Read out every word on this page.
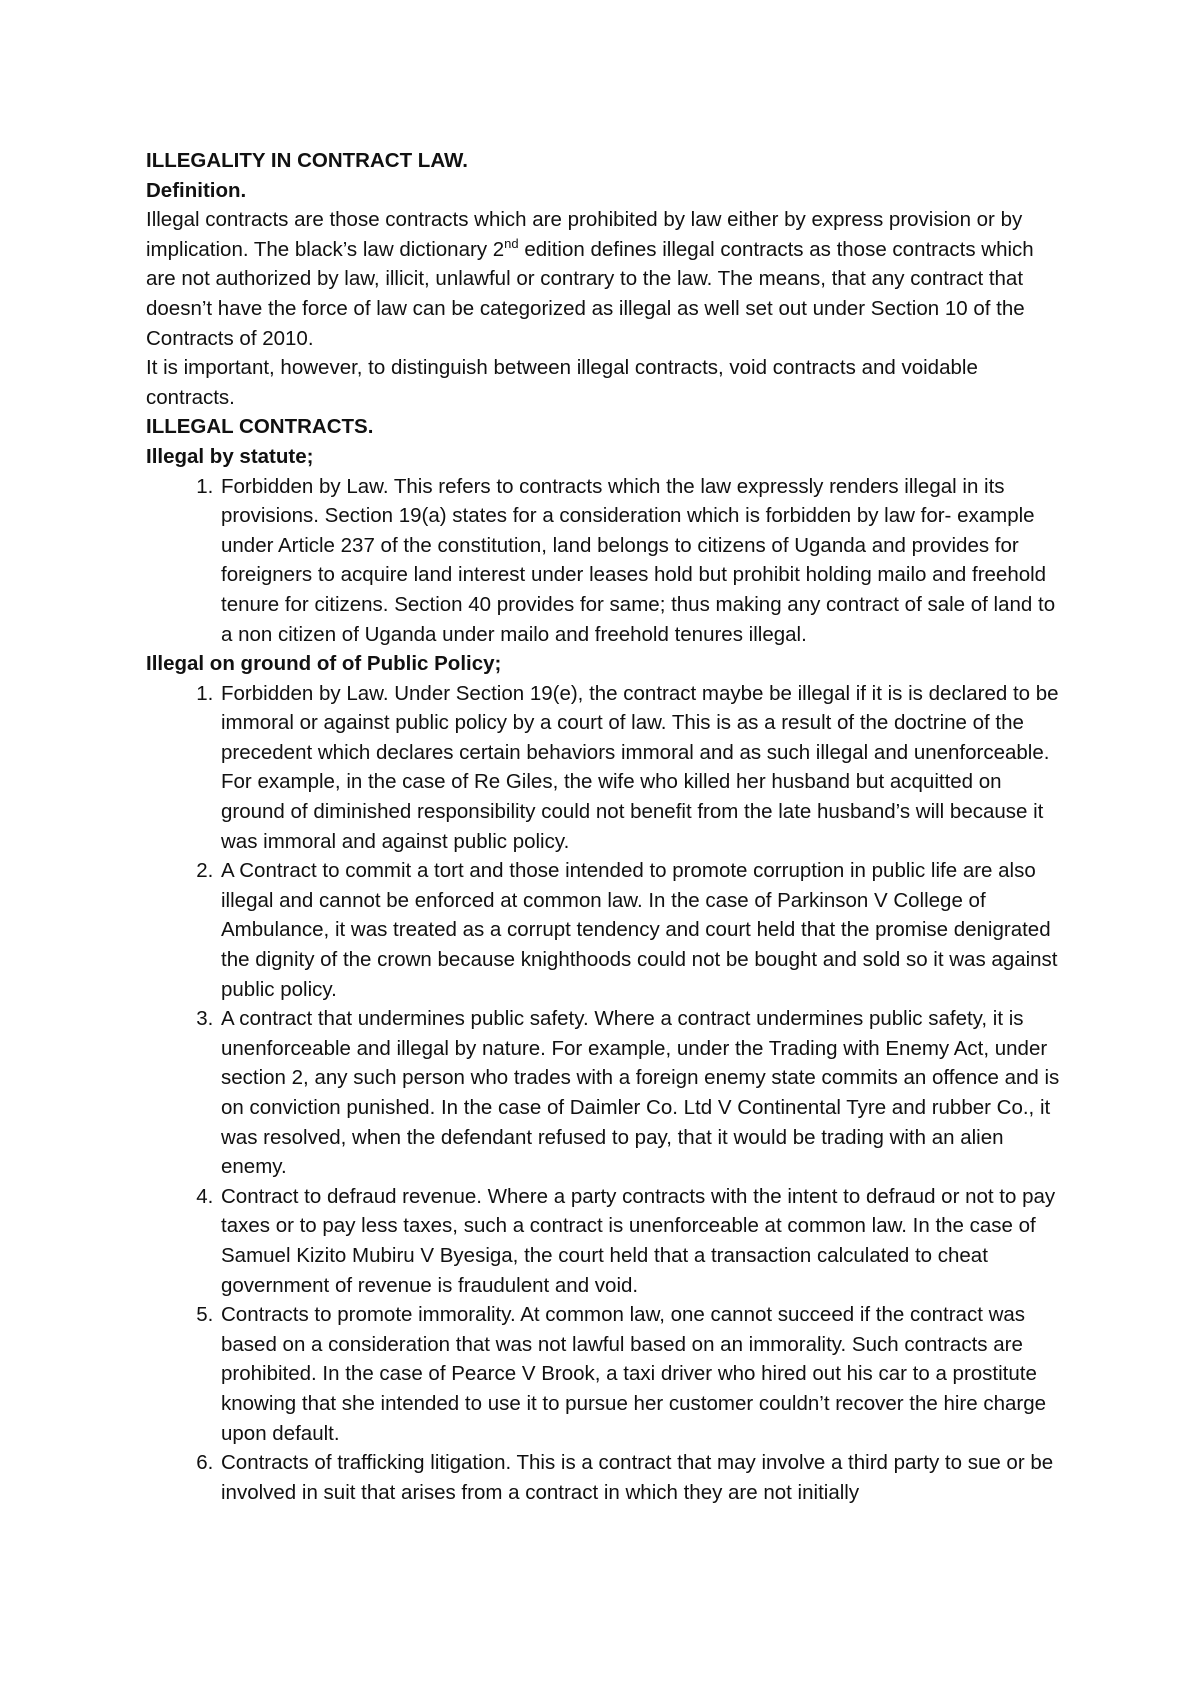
ILLEGALITY IN CONTRACT LAW.

Definition.

Illegal contracts are those contracts which are prohibited by law either by express provision or by implication. The black’s law dictionary 2nd edition defines illegal contracts as those contracts which are not authorized by law, illicit, unlawful or contrary to the law. The means, that any contract that doesn’t have the force of law can be categorized as illegal as well set out under Section 10 of the Contracts of 2010.

It is important, however, to distinguish between illegal contracts, void contracts and voidable contracts.

ILLEGAL CONTRACTS.

Illegal by statute;

1. Forbidden by Law. This refers to contracts which the law expressly renders illegal in its provisions. Section 19(a) states for a consideration which is forbidden by law for- example under Article 237 of the constitution, land belongs to citizens of Uganda and provides for foreigners to acquire land interest under leases hold but prohibit holding mailo and freehold tenure for citizens. Section 40 provides for same; thus making any contract of sale of land to a non citizen of Uganda under mailo and freehold tenures illegal.

Illegal on ground of of Public Policy;

1. Forbidden by Law. Under Section 19(e), the contract maybe be illegal if it is is declared to be immoral or against public policy by a court of law. This is as a result of the doctrine of the precedent which declares certain behaviors immoral and as such illegal and unenforceable. For example, in the case of Re Giles, the wife who killed her husband but acquitted on ground of diminished responsibility could not benefit from the late husband’s will because it was immoral and against public policy.
2. A Contract to commit a tort and those intended to promote corruption in public life are also illegal and cannot be enforced at common law. In the case of Parkinson V College of Ambulance, it was treated as a corrupt tendency and court held that the promise denigrated the dignity of the crown because knighthoods could not be bought and sold so it was against public policy.
3. A contract that undermines public safety. Where a contract undermines public safety, it is unenforceable and illegal by nature. For example, under the Trading with Enemy Act, under section 2, any such person who trades with a foreign enemy state commits an offence and is on conviction punished. In the case of Daimler Co. Ltd V Continental Tyre and rubber Co., it was resolved, when the defendant refused to pay, that it would be trading with an alien enemy.
4. Contract to defraud revenue. Where a party contracts with the intent to defraud or not to pay taxes or to pay less taxes, such a contract is unenforceable at common law. In the case of Samuel Kizito Mubiru V Byesiga, the court held that a transaction calculated to cheat government of revenue is fraudulent and void.
5. Contracts to promote immorality. At common law, one cannot succeed if the contract was based on a consideration that was not lawful based on an immorality. Such contracts are prohibited. In the case of Pearce V Brook, a taxi driver who hired out his car to a prostitute knowing that she intended to use it to pursue her customer couldn’t recover the hire charge upon default.
6. Contracts of trafficking litigation. This is a contract that may involve a third party to sue or be involved in suit that arises from a contract in which they are not initially
